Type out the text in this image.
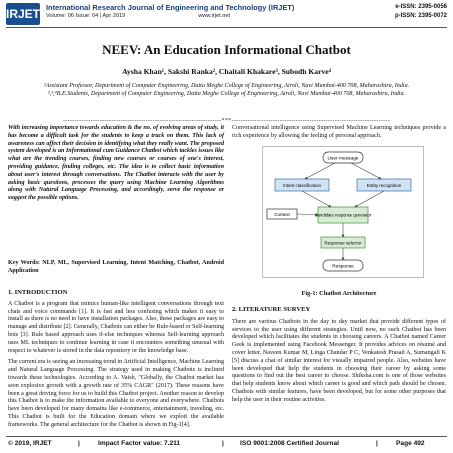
IRJET International Research Journal of Engineering and Technology (IRJET)
Volume: 06 Issue: 04 | Apr 2019	www.irjet.net
e-ISSN: 2395-0056
p-ISSN: 2395-0072
NEEV: An Education Informational Chatbot
Aysha Khan¹, Sakshi Ranka², Chaitali Khakare³, Subodh Karve⁴
¹Assistant Professor, Department of Computer Engineering, Datta Meghe College of Engineering, Airoli, Navi Mumbai-400 708, Maharashtra, India.
²,³,⁴B.E.Students, Department of Computer Engineering, Datta Meghe College of Engineering, Airoli, Navi Mumbai-400 708, Maharashtra, India.
---------------------------------------------------------------------***---------------------------------------------------------------------
With increasing importance towards education & the no. of evolving areas of study, it has become a difficult task for the students to keep a track on them. This lack of awareness can affect their decision in identifying what they really want. The proposed system developed is an Informational cum Guidance Chatbot which tackles issues like what are the trending courses, finding new courses or courses of one's interest, providing guidance, finding colleges, etc. The idea is to collect basic information about user's interest through conversations. The Chatbot interacts with the user by asking basic questions, processes the query using Machine Learning Algorithms along with Natural Language Processing, and accordingly, serve the response or suggest the possible options.
Key Words: NLP, ML, Supervised Learning, Intent Matching, Chatbot, Android Application
1. INTRODUCTION

A Chatbot is a program that mimics human-like intelligent conversations through text chats and voice commands [1]. It is fast and less confusing which makes it easy to install as there is no need to have installation packages. Also, these packages are easy to manage and distribute [2]. Generally, Chatbots can either be Rule-based or Self-learning bots [3]. Rule based approach uses if-else techniques whereas Self-learning approach uses ML techniques to continue learning in case it encounters something unusual with respect to whatever is stored in the data repository or the knowledge base.

The current era is seeing an increasing trend in Artificial Intelligence, Machine Learning and Natural Language Processing. The strategy used in making Chatbots is inclined towards these technologies. According to A. Vaish, "Globally, the Chatbot market has seen explosive growth with a growth rate of 35% CAGR" (2017). These reasons have been a great driving force for us to build this Chatbot project. Another reason to develop this Chatbot is to make the information available to everyone and everywhere. Chatbots have been developed for many domains like e-commerce, entertainment, traveling, etc. This Chatbot is built for the Education domain where we exploit the available frameworks. The general architecture for the Chatbot is shown in Fig-1[4].

Conversational intelligence using Supervised Machine Learning techniques provide a rich experience by allowing the feeling of personal approach.
User message
Intent classification	Entity recognition
Candidate response generator
Context
Response selector
Response
Fig-1: Chatbot Architecture
2. LITERATURE SURVEY

There are various Chatbots in the day to day market that provide different types of services to the user using different strategies. Until now, no such Chatbot has been developed which facilitates the students in choosing careers. A Chatbot named Career Geek is implemented using Facebook Messenger. It provides advices on résumé and cover letter. Naveen Kumar M, Linga Chandar P C, Venkatesh Prasad A, Sumangali K [5] discuss a chat of similar interest for visually impaired people. Also, websites have been developed that help the students in choosing their career by asking some questions to find out the best career to choose. Shiksha.com is one of those websites that help students know about which career is good and which path should be chosen. Chatbots with similar features, have been developed, but for some other purposes that help the user in their routine activities.

© 2019, IRJET	|	Impact Factor value: 7.211	| ISO 9001:2008 Certified Journal	|	Page 492
